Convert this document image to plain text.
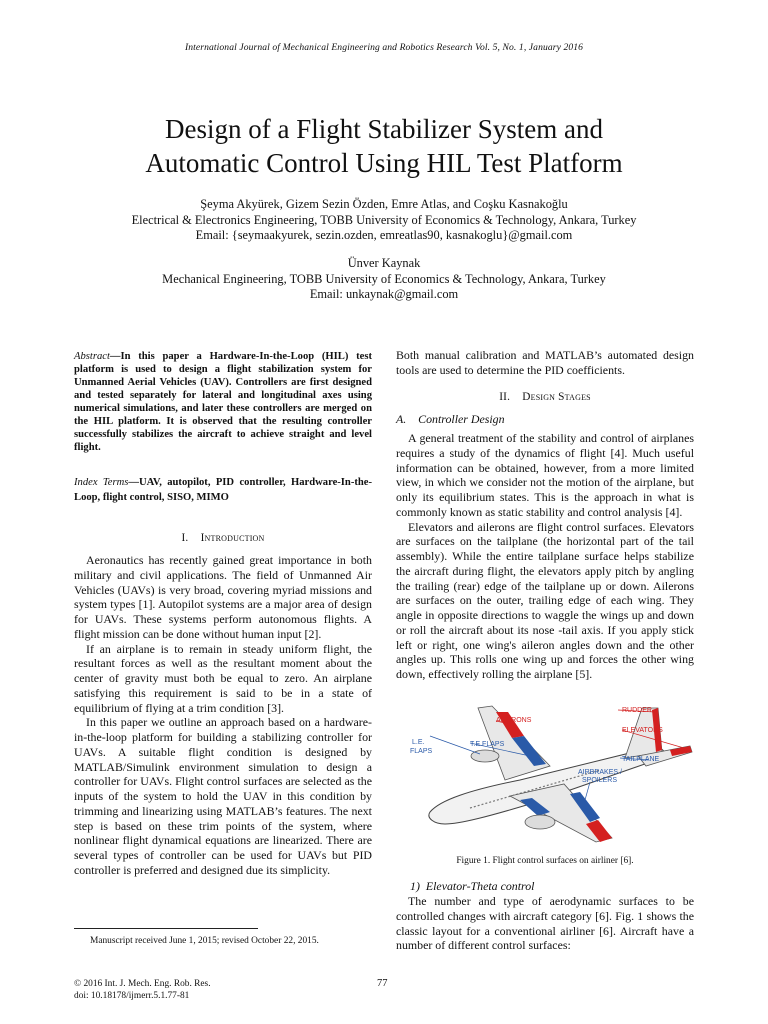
International Journal of Mechanical Engineering and Robotics Research Vol. 5, No. 1, January 2016
Design of a Flight Stabilizer System and
Automatic Control Using HIL Test Platform
Şeyma Akyürek, Gizem Sezin Özden, Emre Atlas, and Coşku Kasnakoğlu
Electrical & Electronics Engineering, TOBB University of Economics & Technology, Ankara, Turkey
Email: {seymaakyurek, sezin.ozden, emreatlas90, kasnakoglu}@gmail.com
Ünver Kaynak
Mechanical Engineering, TOBB University of Economics & Technology, Ankara, Turkey
Email: unkaynak@gmail.com
Abstract—In this paper a Hardware-In-the-Loop (HIL) test platform is used to design a flight stabilization system for Unmanned Aerial Vehicles (UAV). Controllers are first designed and tested separately for lateral and longitudinal axes using numerical simulations, and later these controllers are merged on the HIL platform. It is observed that the resulting controller successfully stabilizes the aircraft to achieve straight and level flight.
Index Terms—UAV, autopilot, PID controller, Hardware-In-the-Loop, flight control, SISO, MIMO
I. Introduction

Aeronautics has recently gained great importance in both military and civil applications. The field of Unmanned Air Vehicles (UAVs) is very broad, covering myriad missions and system types [1]. Autopilot systems are a major area of design for UAVs. These systems perform autonomous flights. A flight mission can be done without human input [2].

If an airplane is to remain in steady uniform flight, the resultant forces as well as the resultant moment about the center of gravity must both be equal to zero. An airplane satisfying this requirement is said to be in a state of equilibrium of flying at a trim condition [3].

In this paper we outline an approach based on a hardware-in-the-loop platform for building a stabilizing controller for UAVs. A suitable flight condition is designed by MATLAB/Simulink environment simulation to design a controller for UAVs. Flight control surfaces are selected as the inputs of the system to hold the UAV in this condition by trimming and linearizing using MATLAB’s features. The next step is based on these trim points of the system, where nonlinear flight dynamical equations are linearized. There are several types of controller can be used for UAVs but PID controller is preferred and designed due its simplicity.

Manuscript received June 1, 2015; revised October 22, 2015.
© 2016 Int. J. Mech. Eng. Rob. Res.
doi: 10.18178/ijmerr.5.1.77-81
77

Both manual calibration and MATLAB’s automated design tools are used to determine the PID coefficients.

II. Design Stages
A. Controller Design

A general treatment of the stability and control of airplanes requires a study of the dynamics of flight [4]. Much useful information can be obtained, however, from a more limited view, in which we consider not the motion of the airplane, but only its equilibrium states. This is the approach in what is commonly known as static stability and control analysis [4].

Elevators and ailerons are flight control surfaces. Elevators are surfaces on the tailplane (the horizontal part of the tail assembly). While the entire tailplane surface helps stabilize the aircraft during flight, the elevators apply pitch by angling the trailing (rear) edge of the tailplane up or down. Ailerons are surfaces on the outer, trailing edge of each wing. They angle in opposite directions to waggle the wings up and down or roll the aircraft about its nose -tail axis. If you apply stick left or right, one wing's aileron angles down and the other angles up. This rolls one wing up and forces the other wing down, effectively rolling the airplane [5].

AILERONS
RUDDER
ELEVATORS
L.E.
FLAPS
T.E.FLAPS
TAILPLANE
AIRBRAKES /
SPOILERS
Figure 1. Flight control surfaces on airliner [6].
1) Elevator-Theta control

The number and type of aerodynamic surfaces to be controlled changes with aircraft category [6]. Fig. 1 shows the classic layout for a conventional airliner [6]. Aircraft have a number of different control surfaces:
